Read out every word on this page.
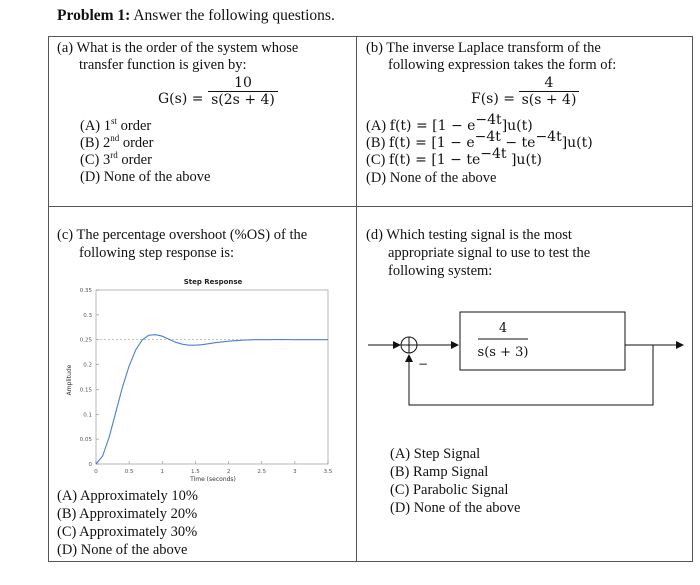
Problem 1: Answer the following questions.
(a) What is the order of the system whose
transfer function is given by:
G(s) =
10
s(2s + 4)
(A) 1st order
(B) 2nd order
(C) 3rd order
(D) None of the above
(b) The inverse Laplace transform of the
following expression takes the form of:
F(s) =
4
s(s + 4)
(A) $f(t) = [1 - e^{-4t}]u(t)$
(B) $f(t) = [1 - e^{-4t} - te^{-4t}]u(t)$
(C) $f(t) = [1 - te^{-4t}$ ]u(t)
(D) None of the above
(c) The percentage overshoot (%OS) of the
following step response is:
Step Response
Amplitude
Time (seconds)
0	0.5	1	1.5	2	2.5	3	3.5
0
0.05
0.1
0.15
0.2
0.25
0.3
0.35
(A) Approximately 10%
(B) Approximately 20%
(C) Approximately 30%
(D) None of the above
(d) Which testing signal is the most
appropriate signal to use to test the
following system:
−
4
s(s + 3)
(A) Step Signal
(B) Ramp Signal
(C) Parabolic Signal
(D) None of the above
